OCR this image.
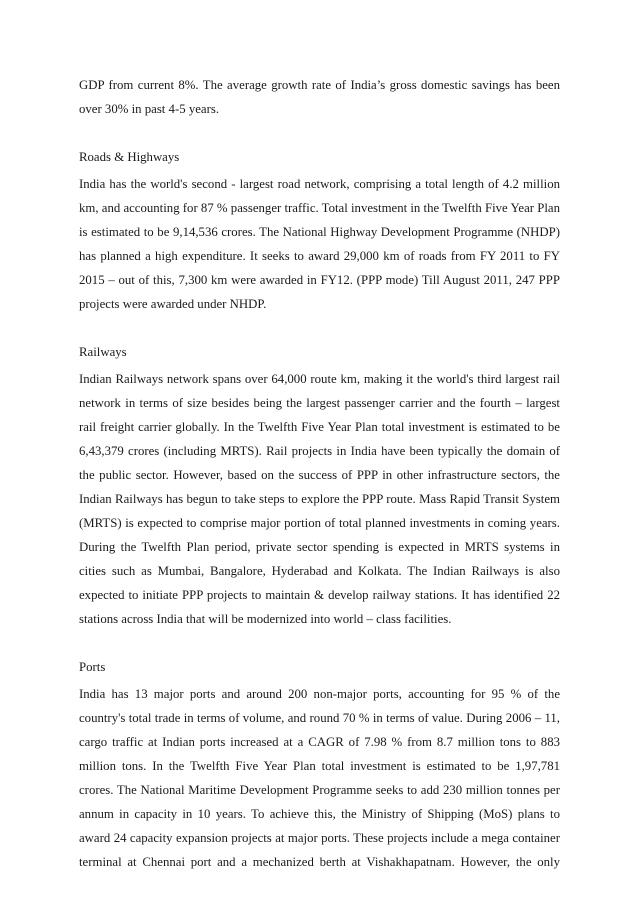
GDP from current 8%. The average growth rate of India’s gross domestic savings has been
over 30% in past 4-5 years.
Roads & Highways
India has the world's second - largest road network, comprising a total length of 4.2 million
km, and accounting for 87 % passenger traffic. Total investment in the Twelfth Five Year Plan
is estimated to be 9,14,536 crores. The National Highway Development Programme (NHDP)
has planned a high expenditure. It seeks to award 29,000 km of roads from FY 2011 to FY
2015 – out of this, 7,300 km were awarded in FY12. (PPP mode) Till August 2011, 247 PPP
projects were awarded under NHDP.
Railways
Indian Railways network spans over 64,000 route km, making it the world's third largest rail
network in terms of size besides being the largest passenger carrier and the fourth – largest
rail freight carrier globally. In the Twelfth Five Year Plan total investment is estimated to be
6,43,379 crores (including MRTS). Rail projects in India have been typically the domain of
the public sector. However, based on the success of PPP in other infrastructure sectors, the
Indian Railways has begun to take steps to explore the PPP route. Mass Rapid Transit System
(MRTS) is expected to comprise major portion of total planned investments in coming years.
During the Twelfth Plan period, private sector spending is expected in MRTS systems in
cities such as Mumbai, Bangalore, Hyderabad and Kolkata. The Indian Railways is also
expected to initiate PPP projects to maintain & develop railway stations. It has identified 22
stations across India that will be modernized into world – class facilities.
Ports
India has 13 major ports and around 200 non-major ports, accounting for 95 % of the
country's total trade in terms of volume, and round 70 % in terms of value. During 2006 – 11,
cargo traffic at Indian ports increased at a CAGR of 7.98 % from 8.7 million tons to 883
million tons. In the Twelfth Five Year Plan total investment is estimated to be 1,97,781
crores. The National Maritime Development Programme seeks to add 230 million tonnes per
annum in capacity in 10 years. To achieve this, the Ministry of Shipping (MoS) plans to
award 24 capacity expansion projects at major ports. These projects include a mega container
terminal at Chennai port and a mechanized berth at Vishakhapatnam. However, the only
